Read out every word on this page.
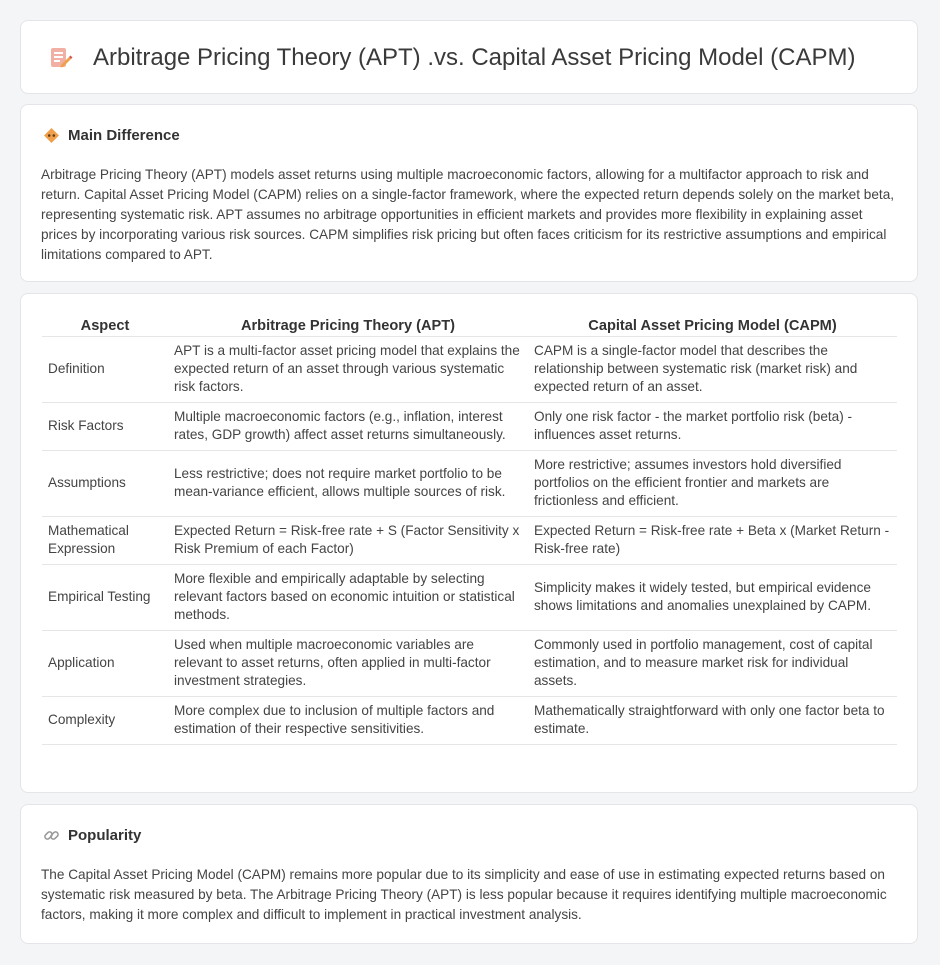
Arbitrage Pricing Theory (APT) .vs. Capital Asset Pricing Model (CAPM)
Main Difference

Arbitrage Pricing Theory (APT) models asset returns using multiple macroeconomic factors, allowing for a multifactor approach to risk and return. Capital Asset Pricing Model (CAPM) relies on a single-factor framework, where the expected return depends solely on the market beta, representing systematic risk. APT assumes no arbitrage opportunities in efficient markets and provides more flexibility in explaining asset prices by incorporating various risk sources. CAPM simplifies risk pricing but often faces criticism for its restrictive assumptions and empirical limitations compared to APT.

Aspect	Arbitrage Pricing Theory (APT)	Capital Asset Pricing Model (CAPM)
Definition	APT is a multi-factor asset pricing model that explains the expected return of an asset through various systematic risk factors.	CAPM is a single-factor model that describes the relationship between systematic risk (market risk) and expected return of an asset.
Risk Factors	Multiple macroeconomic factors (e.g., inflation, interest rates, GDP growth) affect asset returns simultaneously.	Only one risk factor - the market portfolio risk (beta) - influences asset returns.
Assumptions	Less restrictive; does not require market portfolio to be mean-variance efficient, allows multiple sources of risk.	More restrictive; assumes investors hold diversified portfolios on the efficient frontier and markets are frictionless and efficient.
Mathematical Expression	Expected Return = Risk-free rate + S (Factor Sensitivity x Risk Premium of each Factor)	Expected Return = Risk-free rate + Beta x (Market Return - Risk-free rate)
Empirical Testing	More flexible and empirically adaptable by selecting relevant factors based on economic intuition or statistical methods.	Simplicity makes it widely tested, but empirical evidence shows limitations and anomalies unexplained by CAPM.
Application	Used when multiple macroeconomic variables are relevant to asset returns, often applied in multi-factor investment strategies.	Commonly used in portfolio management, cost of capital estimation, and to measure market risk for individual assets.
Complexity	More complex due to inclusion of multiple factors and estimation of their respective sensitivities.	Mathematically straightforward with only one factor beta to estimate.
Popularity

The Capital Asset Pricing Model (CAPM) remains more popular due to its simplicity and ease of use in estimating expected returns based on systematic risk measured by beta. The Arbitrage Pricing Theory (APT) is less popular because it requires identifying multiple macroeconomic factors, making it more complex and difficult to implement in practical investment analysis.
